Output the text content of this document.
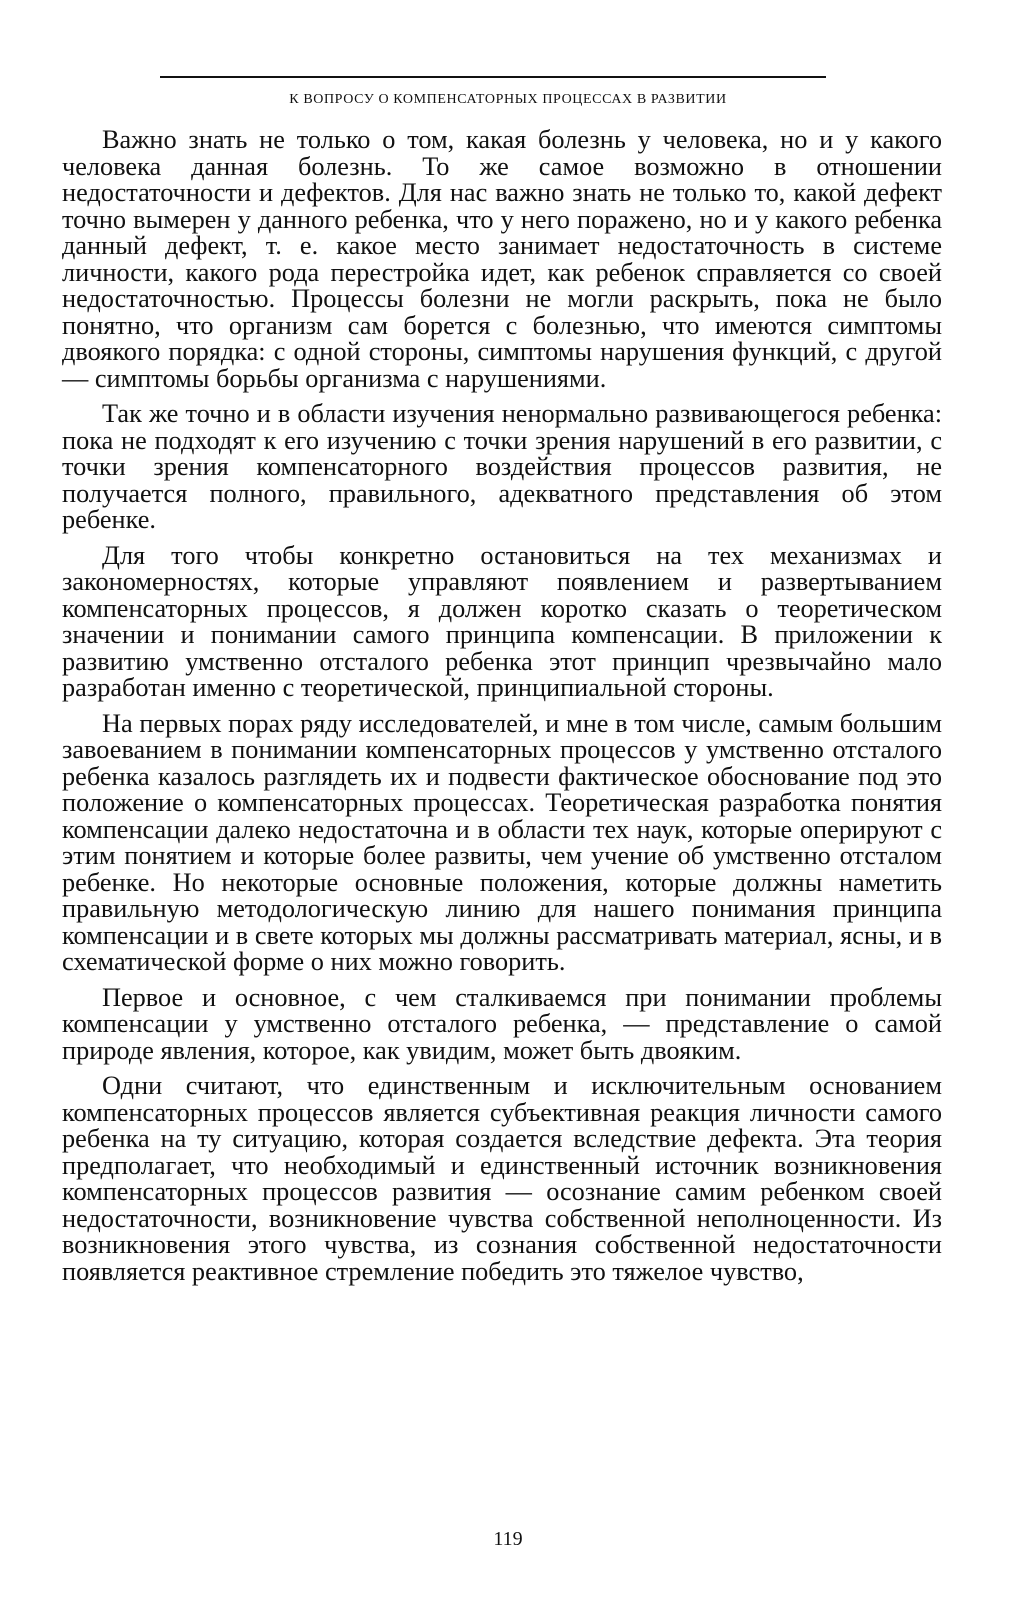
К ВОПРОСУ О КОМПЕНСАТОРНЫХ ПРОЦЕССАХ В РАЗВИТИИ

Важно знать не только о том, какая болезнь у человека, но и у какого человека данная болезнь. То же самое возможно в отношении недостаточности и дефектов. Для нас важно знать не только то, какой дефект точно вымерен у данного ребенка, что у него поражено, но и у какого ребенка данный дефект, т. е. какое место занимает недостаточность в системе личности, какого рода перестройка идет, как ребенок справляется со своей недостаточностью. Процессы болезни не могли раскрыть, пока не было понятно, что организм сам борется с болезнью, что имеются симптомы двоякого порядка: с одной стороны, симптомы нарушения функций, с другой — симптомы борьбы организма с нарушениями.

Так же точно и в области изучения ненормально развивающегося ребенка: пока не подходят к его изучению с точки зрения нарушений в его развитии, с точки зрения компенсаторного воздействия процессов развития, не получается полного, правильного, адекватного представления об этом ребенке.

Для того чтобы конкретно остановиться на тех механизмах и закономерностях, которые управляют появлением и развертыванием компенсаторных процессов, я должен коротко сказать о теоретическом значении и понимании самого принципа компенсации. В приложении к развитию умственно отсталого ребенка этот принцип чрезвычайно мало разработан именно с теоретической, принципиальной стороны.

На первых порах ряду исследователей, и мне в том числе, самым большим завоеванием в понимании компенсаторных процессов у умственно отсталого ребенка казалось разглядеть их и подвести фактическое обоснование под это положение о компенсаторных процессах. Теоретическая разработка понятия компенсации далеко недостаточна и в области тех наук, которые оперируют с этим понятием и которые более развиты, чем учение об умственно отсталом ребенке. Но некоторые основные положения, которые должны наметить правильную методологическую линию для нашего понимания принципа компенсации и в свете которых мы должны рассматривать материал, ясны, и в схематической форме о них можно говорить.

Первое и основное, с чем сталкиваемся при понимании проблемы компенсации у умственно отсталого ребенка, — представление о самой природе явления, которое, как увидим, может быть двояким.

Одни считают, что единственным и исключительным основанием компенсаторных процессов является субъективная реакция личности самого ребенка на ту ситуацию, которая создается вследствие дефекта. Эта теория предполагает, что необходимый и единственный источник возникновения компенсаторных процессов развития — осознание самим ребенком своей недостаточности, возникновение чувства собственной неполноценности. Из возникновения этого чувства, из сознания собственной недостаточности появляется реактивное стремление победить это тяжелое чувство,

119
